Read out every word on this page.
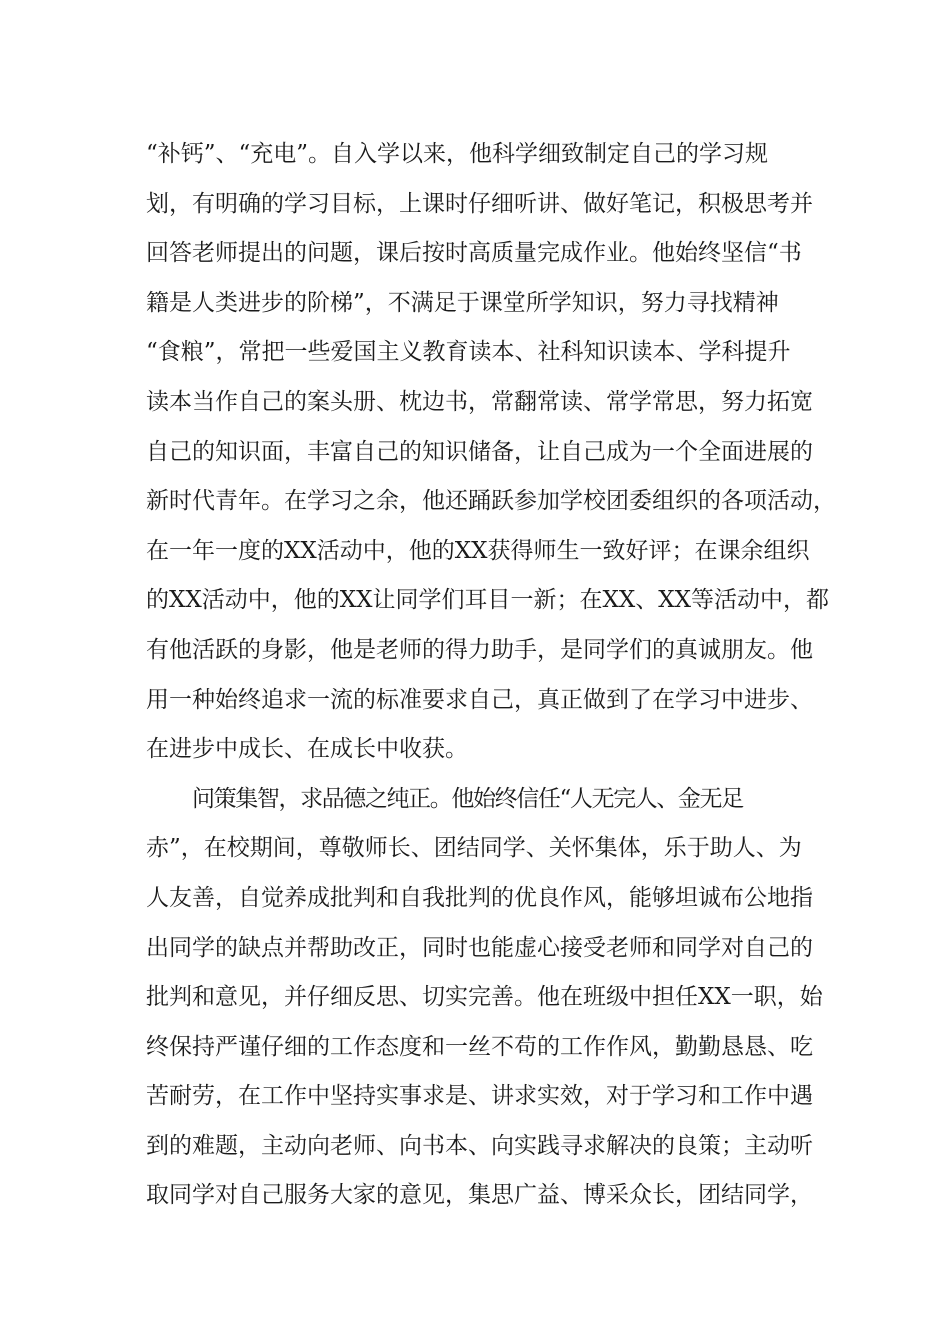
“补钙”、“充电”。自入学以来，他科学细致制定自己的学习规
划，有明确的学习目标，上课时仔细听讲、做好笔记，积极思考并
回答老师提出的问题，课后按时高质量完成作业。他始终坚信“书
籍是人类进步的阶梯”，不满足于课堂所学知识，努力寻找精神
“食粮”，常把一些爱国主义教育读本、社科知识读本、学科提升
读本当作自己的案头册、枕边书，常翻常读、常学常思，努力拓宽
自己的知识面，丰富自己的知识储备，让自己成为一个全面进展的
新时代青年。在学习之余，他还踊跃参加学校团委组织的各项活动，
在一年一度的XX活动中，他的XX获得师生一致好评；在课余组织
的XX活动中，他的XX让同学们耳目一新；在XX、XX等活动中，都
有他活跃的身影，他是老师的得力助手，是同学们的真诚朋友。他
用一种始终追求一流的标准要求自己，真正做到了在学习中进步、
在进步中成长、在成长中收获。
问策集智，求品德之纯正。他始终信任“人无完人、金无足
赤”，在校期间，尊敬师长、团结同学、关怀集体，乐于助人、为
人友善，自觉养成批判和自我批判的优良作风，能够坦诚布公地指
出同学的缺点并帮助改正，同时也能虚心接受老师和同学对自己的
批判和意见，并仔细反思、切实完善。他在班级中担任XX一职，始
终保持严谨仔细的工作态度和一丝不苟的工作作风，勤勤恳恳、吃
苦耐劳，在工作中坚持实事求是、讲求实效，对于学习和工作中遇
到的难题，主动向老师、向书本、向实践寻求解决的良策；主动听
取同学对自己服务大家的意见，集思广益、博采众长，团结同学，
